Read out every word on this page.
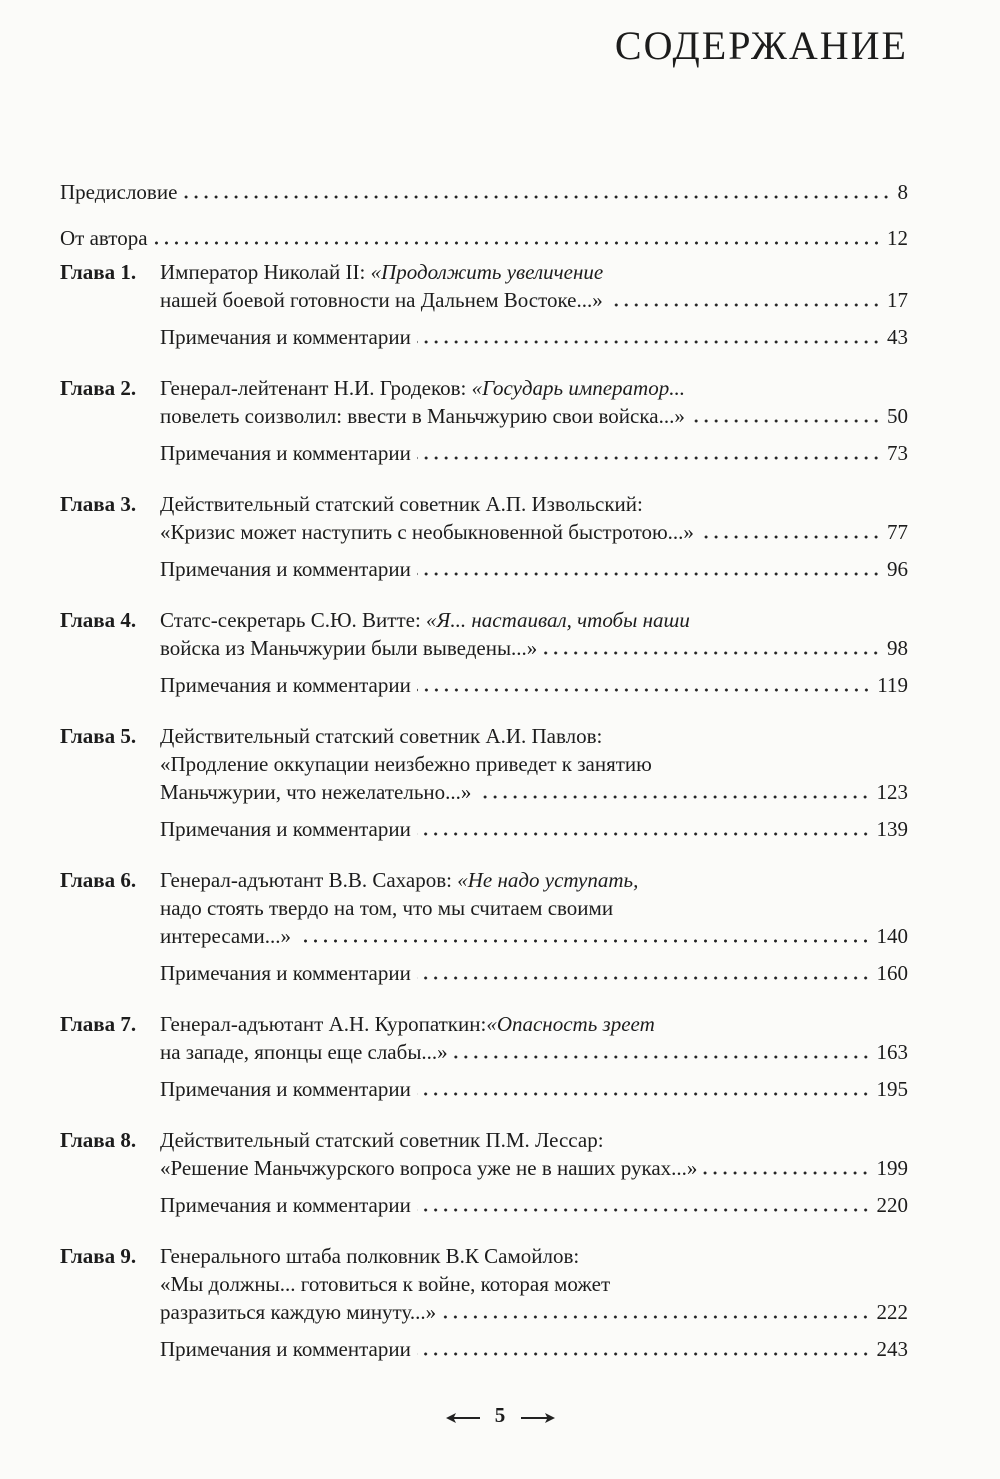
СОДЕРЖАНИЕ
Предисловие	8
От автора	12
Глава 1. Император Николай II: «Продолжить увеличение
нашей боевой готовности на Дальнем Востоке...»	17
Примечания и комментарии	43
Глава 2. Генерал-лейтенант Н.И. Гродеков: «Государь император...
повелеть соизволил: ввести в Маньчжурию свои войска...»	50
Примечания и комментарии	73
Глава 3. Действительный статский советник А.П. Извольский:
«Кризис может наступить с необыкновенной быстротою...»	77
Примечания и комментарии	96
Глава 4. Статс-секретарь С.Ю. Витте: «Я... настаивал, чтобы наши
войска из Маньчжурии были выведены...»	98
Примечания и комментарии	119
Глава 5. Действительный статский советник А.И. Павлов:
«Продление оккупации неизбежно приведет к занятию
Маньчжурии, что нежелательно...»	123
Примечания и комментарии	139
Глава 6. Генерал-адъютант В.В. Сахаров: «Не надо уступать,
надо стоять твердо на том, что мы считаем своими
интересами...»	140
Примечания и комментарии	160
Глава 7. Генерал-адъютант А.Н. Куропаткин:«Опасность зреет
на западе, японцы еще слабы...»	163
Примечания и комментарии	195
Глава 8. Действительный статский советник П.М. Лессар:
«Решение Маньчжурского вопроса уже не в наших руках...»	199
Примечания и комментарии	220
Глава 9. Генерального штаба полковник В.К Самойлов:
«Мы должны... готовиться к войне, которая может
разразиться каждую минуту...»	222
Примечания и комментарии	243
5
